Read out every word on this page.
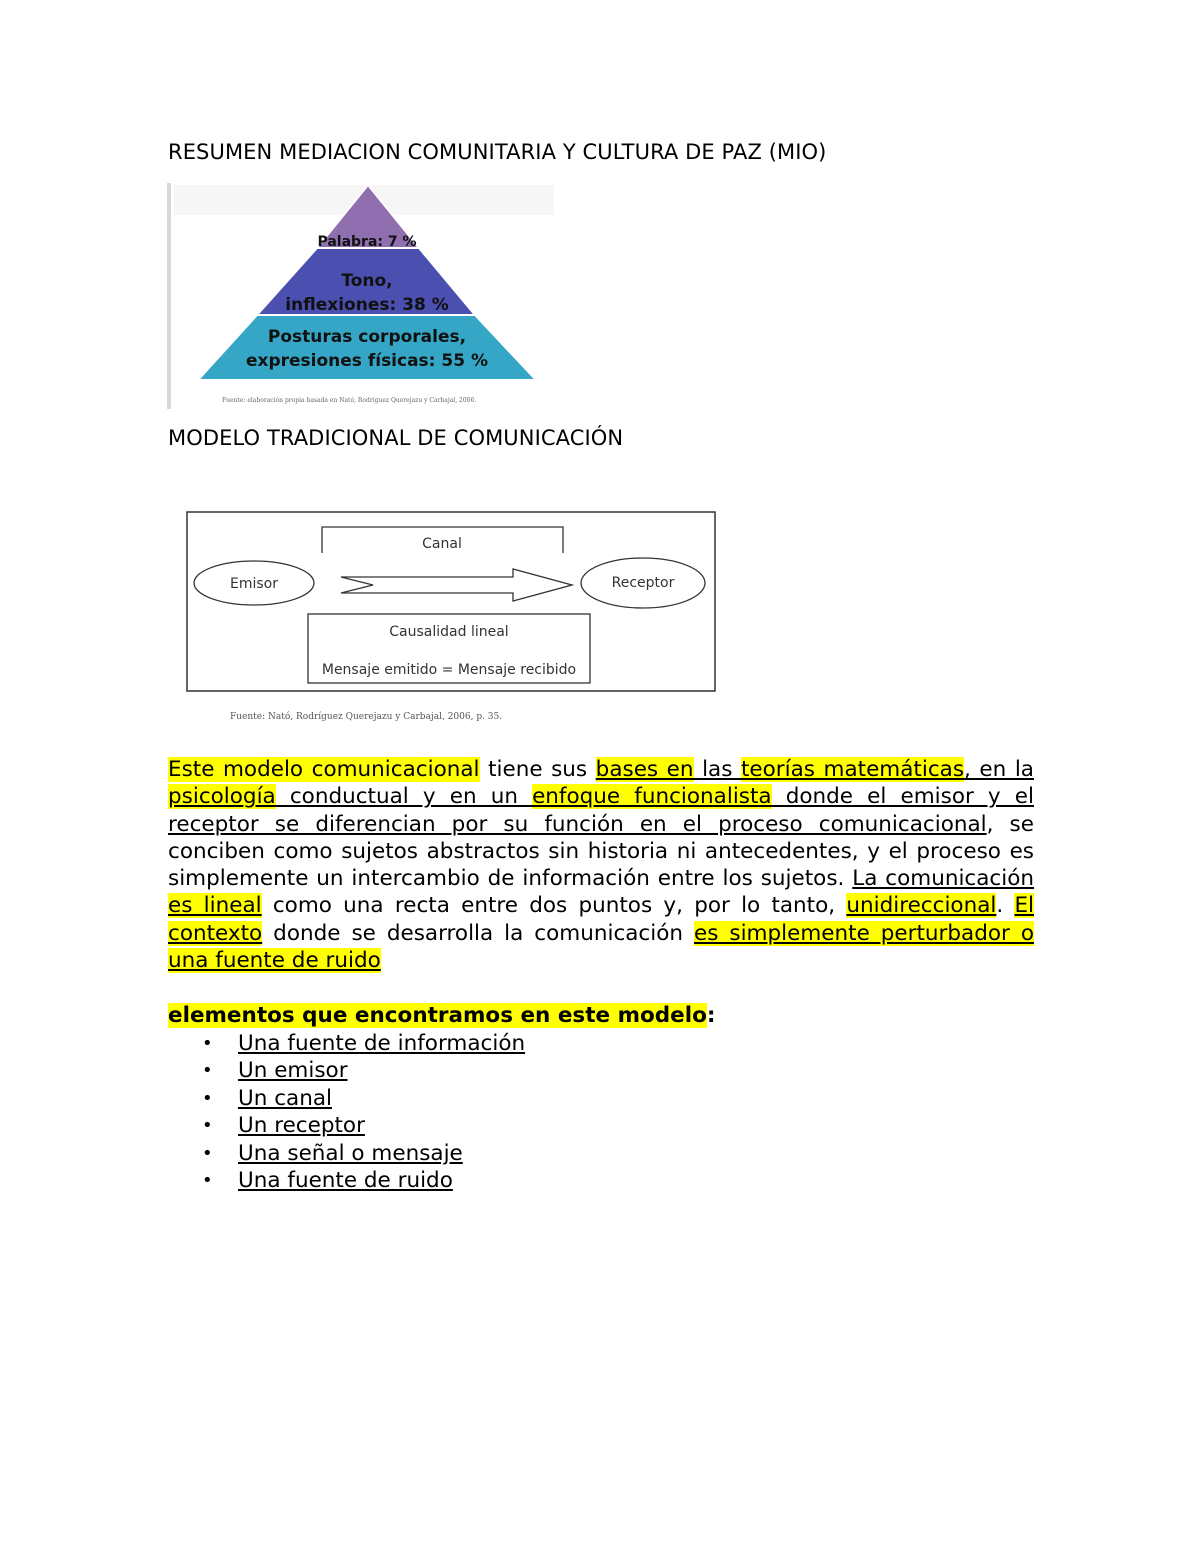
RESUMEN MEDIACION COMUNITARIA Y CULTURA DE PAZ (MIO)
Palabra: 7 %
Tono,
inflexiones: 38 %
Posturas corporales,
expresiones físicas: 55 %
Fuente: elaboración propia basada en Nató, Rodríguez Querejazu y Carbajal, 2006.
MODELO TRADICIONAL DE COMUNICACIÓN
Canal
Emisor	Receptor
Causalidad lineal
Mensaje emitido = Mensaje recibido
Fuente: Nató, Rodríguez Querejazu y Carbajal, 2006, p. 35.
Este modelo comunicacional tiene sus bases en las teorías matemáticas, en la psicología conductual y en un enfoque funcionalista donde el emisor y el receptor se diferencian por su función en el proceso comunicacional, se conciben como sujetos abstractos sin historia ni antecedentes, y el proceso es simplemente un intercambio de información entre los sujetos. La comunicación es lineal como una recta entre dos puntos y, por lo tanto, unidireccional. El contexto donde se desarrolla la comunicación es simplemente perturbador o una fuente de ruido
elementos que encontramos en este modelo:
• Una fuente de información
• Un emisor
• Un canal
• Un receptor
• Una señal o mensaje
• Una fuente de ruido
